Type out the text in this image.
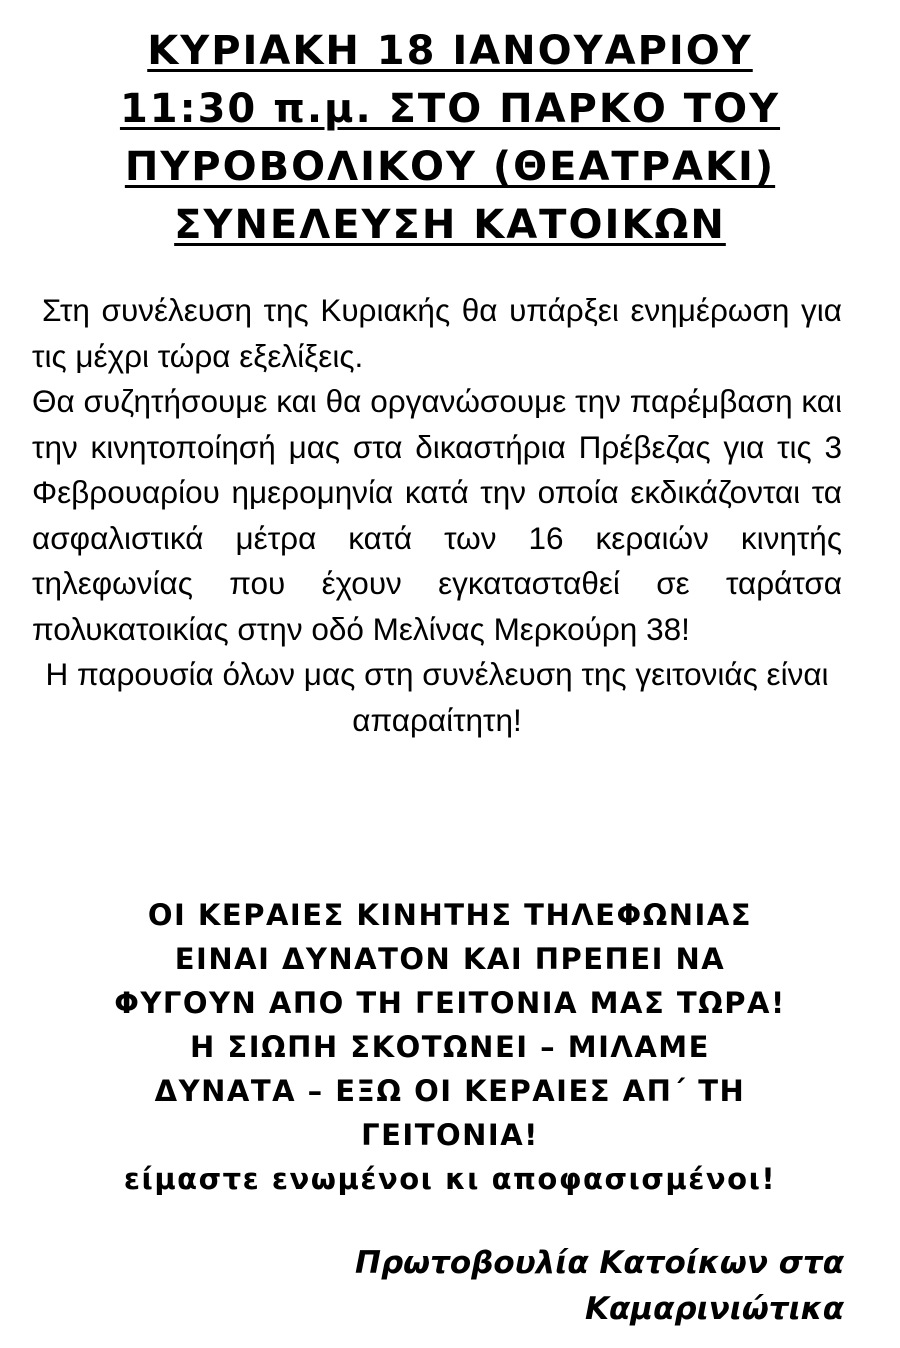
ΚΥΡΙΑΚΗ 18 ΙΑΝΟΥΑΡΙΟΥ
11:30 π.μ. ΣΤΟ ΠΑΡΚΟ ΤΟΥ
ΠΥΡΟΒΟΛΙΚΟΥ (ΘΕΑΤΡΑΚΙ)
ΣΥΝΕΛΕΥΣΗ ΚΑΤΟΙΚΩΝ

Στη συνέλευση της Κυριακής θα υπάρξει ενημέρωση για τις μέχρι τώρα εξελίξεις.

Θα συζητήσουμε και θα οργανώσουμε την παρέμβαση και την κινητοποίησή μας στα δικαστήρια Πρέβεζας για τις 3 Φεβρουαρίου ημερομηνία κατά την οποία εκδικάζονται τα ασφαλιστικά μέτρα κατά των 16 κεραιών κινητής τηλεφωνίας που έχουν εγκατασταθεί σε ταράτσα πολυκατοικίας στην οδό Μελίνας Μερκούρη 38!

Η παρουσία όλων μας στη συνέλευση της γειτονιάς είναι απαραίτητη!

ΟΙ ΚΕΡΑΙΕΣ ΚΙΝΗΤΗΣ ΤΗΛΕΦΩΝΙΑΣ
ΕΙΝΑΙ ΔΥΝΑΤΟΝ ΚΑΙ ΠΡΕΠΕΙ ΝΑ
ΦΥΓΟΥΝ ΑΠΟ ΤΗ ΓΕΙΤΟΝΙΑ ΜΑΣ ΤΩΡΑ!
Η ΣΙΩΠΗ ΣΚΟΤΩΝΕΙ – ΜΙΛΑΜΕ
ΔΥΝΑΤΑ – ΕΞΩ ΟΙ ΚΕΡΑΙΕΣ ΑΠ΄ ΤΗ
ΓΕΙΤΟΝΙΑ!
είμαστε ενωμένοι κι αποφασισμένοι!
Πρωτοβουλία Κατοίκων στα
Καμαρινιώτικα
